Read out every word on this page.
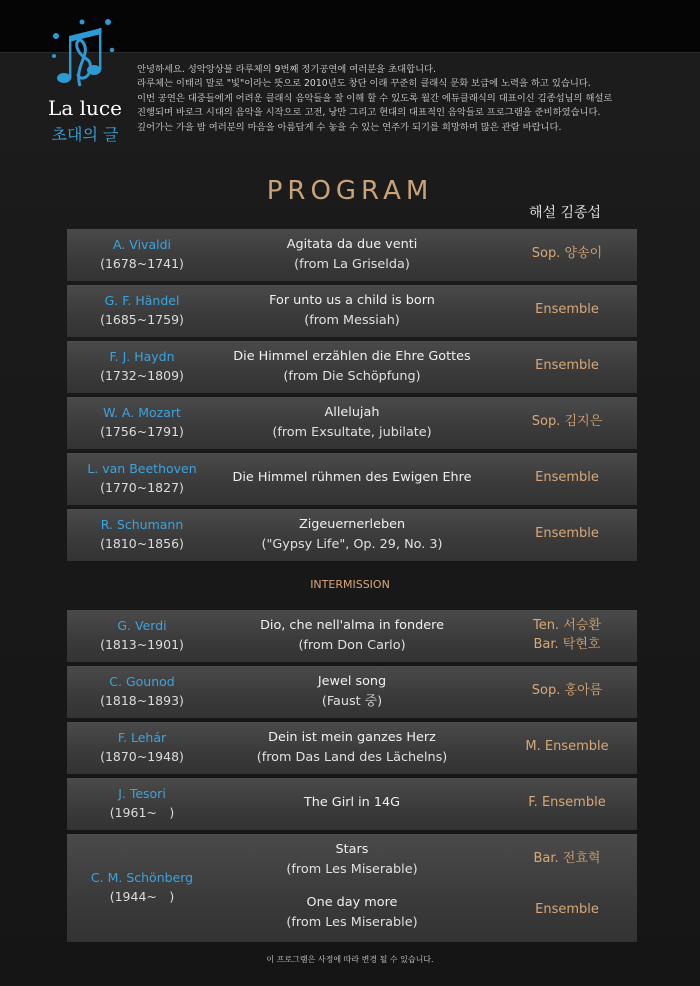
La luce
초대의 글

안녕하세요. 성악앙상블 라루체의 9번째 정기공연에 여러분을 초대합니다.

라루체는 이태리 말로 "빛"이라는 뜻으로 2010년도 창단 이래 꾸준히 클래식 문화 보급에 노력을 하고 있습니다.

이번 공연은 대중들에게 어려운 클래식 음악들을 잘 이해 할 수 있도록 월간 에듀클래식의 대표이신 김종섭님의 해설로

진행되며 바로크 시대의 음악을 시작으로 고전, 낭만 그리고 현대의 대표적인 음악들로 프로그램을 준비하였습니다.

깊어가는 가을 밤 여러분의 마음을 아름답게 수 놓을 수 있는 연주가 되기를 희망하며 많은 관람 바랍니다.

PROGRAM
해설 김종섭
A. Vivaldi
(1678~1741)
Agitata da due venti
(from La Griselda)
Sop. 양송이
G. F. Händel
(1685~1759)
For unto us a child is born
(from Messiah)
Ensemble
F. J. Haydn
(1732~1809)
Die Himmel erzählen die Ehre Gottes
(from Die Schöpfung)
Ensemble
W. A. Mozart
(1756~1791)
Allelujah
(from Exsultate, jubilate)
Sop. 김지은
L. van Beethoven
(1770~1827)
Die Himmel rühmen des Ewigen Ehre	Ensemble
R. Schumann
(1810~1856)
Zigeuernerleben
("Gypsy Life", Op. 29, No. 3)
Ensemble
INTERMISSION
G. Verdi
(1813~1901)
Dio, che nell'alma in fondere
(from Don Carlo)
Ten. 서승환
Bar. 탁현호
C. Gounod
(1818~1893)
Jewel song
(Faust 중)
Sop. 홍아름
F. Lehár
(1870~1948)
Dein ist mein ganzes Herz
(from Das Land des Lächelns)
M. Ensemble
J. Tesori
(1961~　)
The Girl in 14G	F. Ensemble
C. M. Schönberg
(1944~　)
Stars
(from Les Miserable)
Bar. 전효혁
One day more
(from Les Miserable)
Ensemble
이 프로그램은 사정에 따라 변경 될 수 있습니다.
